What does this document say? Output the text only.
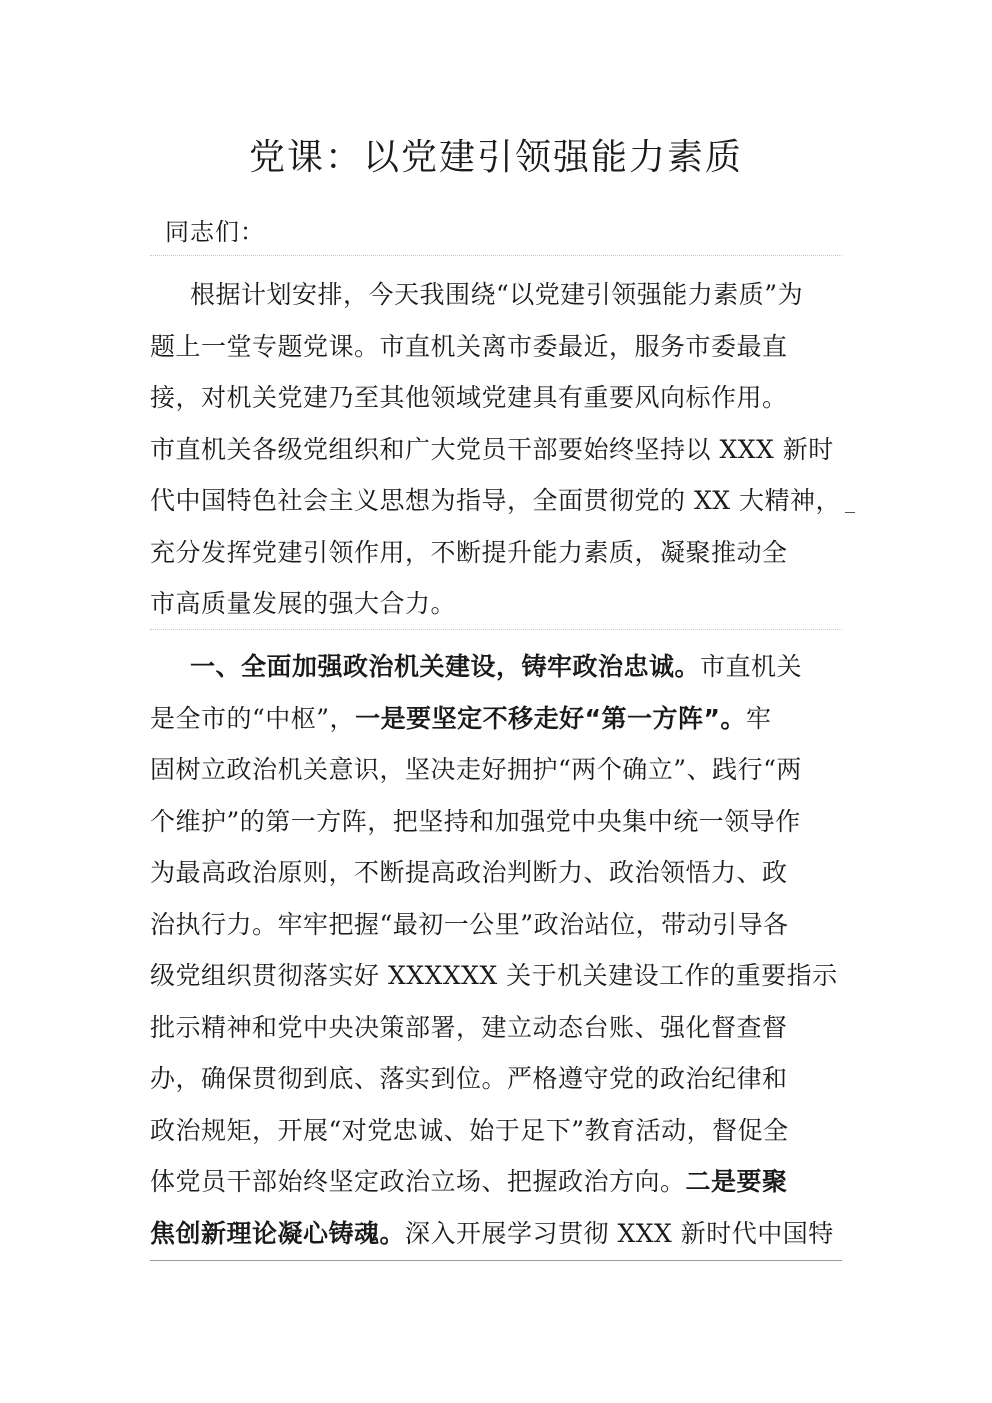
党课：以党建引领强能力素质
同志们：
根据计划安排，今天我围绕“以党建引领强能力素质”为
题上一堂专题党课。市直机关离市委最近，服务市委最直
接，对机关党建乃至其他领域党建具有重要风向标作用。
市直机关各级党组织和广大党员干部要始终坚持以 XXX 新时
代中国特色社会主义思想为指导，全面贯彻党的 XX 大精神，
充分发挥党建引领作用，不断提升能力素质，凝聚推动全
市高质量发展的强大合力。
一、全面加强政治机关建设，铸牢政治忠诚。市直机关
是全市的“中枢”，一是要坚定不移走好“第一方阵”。牢
固树立政治机关意识，坚决走好拥护“两个确立”、践行“两
个维护”的第一方阵，把坚持和加强党中央集中统一领导作
为最高政治原则，不断提高政治判断力、政治领悟力、政
治执行力。牢牢把握“最初一公里”政治站位，带动引导各
级党组织贯彻落实好 XXXXXX 关于机关建设工作的重要指示
批示精神和党中央决策部署，建立动态台账、强化督查督
办，确保贯彻到底、落实到位。严格遵守党的政治纪律和
政治规矩，开展“对党忠诚、始于足下”教育活动，督促全
体党员干部始终坚定政治立场、把握政治方向。二是要聚
焦创新理论凝心铸魂。深入开展学习贯彻 XXX 新时代中国特
